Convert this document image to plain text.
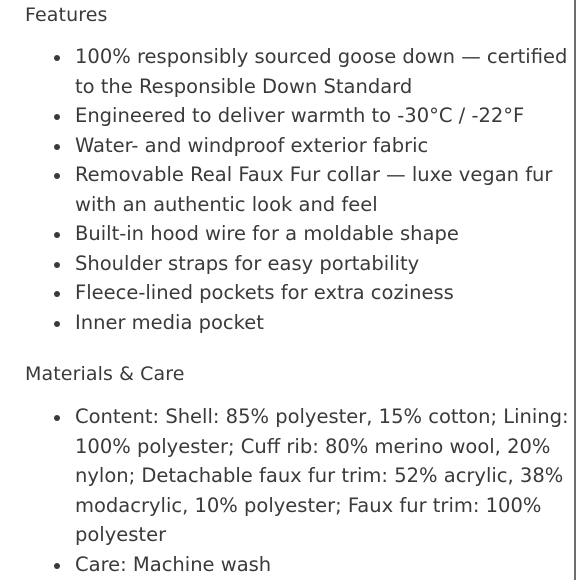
Features
100% responsibly sourced goose down — certified
to the Responsible Down Standard
Engineered to deliver warmth to -30°C / -22°F
Water- and windproof exterior fabric
Removable Real Faux Fur collar — luxe vegan fur
with an authentic look and feel
Built-in hood wire for a moldable shape
Shoulder straps for easy portability
Fleece-lined pockets for extra coziness
Inner media pocket
Materials & Care
Content: Shell: 85% polyester, 15% cotton; Lining:
100% polyester; Cuff rib: 80% merino wool, 20%
nylon; Detachable faux fur trim: 52% acrylic, 38%
modacrylic, 10% polyester; Faux fur trim: 100%
polyester
Care: Machine wash
